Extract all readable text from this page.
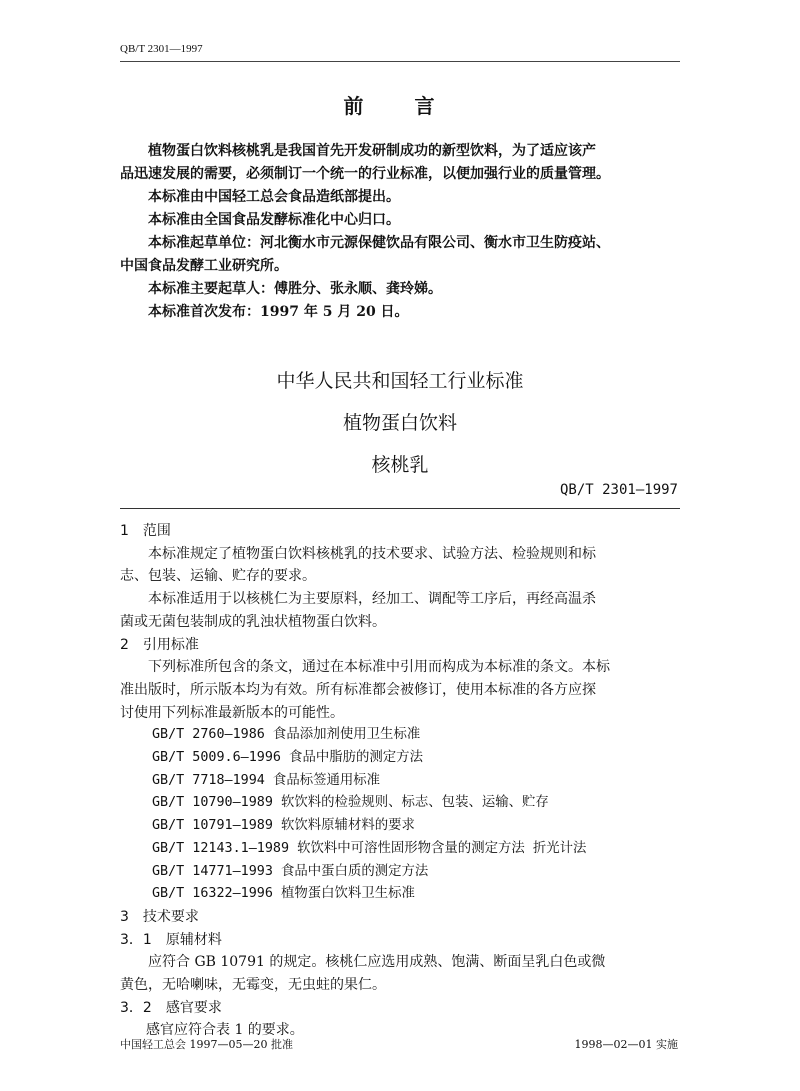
QB/T 2301—1997
前 言

植物蛋白饮料核桃乳是我国首先开发研制成功的新型饮料，为了适应该产

品迅速发展的需要，必须制订一个统一的行业标准，以便加强行业的质量管理。

本标准由中国轻工总会食品造纸部提出。

本标准由全国食品发酵标准化中心归口。

本标准起草单位：河北衡水市元源保健饮品有限公司、衡水市卫生防疫站、

中国食品发酵工业研究所。

本标准主要起草人：傅胜分、张永顺、龚玲娣。

本标准首次发布：1997 年 5 月 20 日。

中华人民共和国轻工行业标准
植物蛋白饮料
核桃乳
QB/T 2301—1997

1　范围

本标准规定了植物蛋白饮料核桃乳的技术要求、试验方法、检验规则和标

志、包装、运输、贮存的要求。

本标准适用于以核桃仁为主要原料，经加工、调配等工序后，再经高温杀

菌或无菌包装制成的乳浊状植物蛋白饮料。

2　引用标准

下列标准所包含的条文，通过在本标准中引用而构成为本标准的条文。本标

准出版时，所示版本均为有效。所有标准都会被修订，使用本标准的各方应探

讨使用下列标准最新版本的可能性。

GB/T 2760—1986 食品添加剂使用卫生标准

GB/T 5009.6—1996 食品中脂肪的测定方法

GB/T 7718—1994 食品标签通用标准

GB/T 10790—1989 软饮料的检验规则、标志、包装、运输、贮存

GB/T 10791—1989 软饮料原辅材料的要求

GB/T 12143.1—1989 软饮料中可溶性固形物含量的测定方法 折光计法

GB/T 14771—1993 食品中蛋白质的测定方法

GB/T 16322—1996 植物蛋白饮料卫生标准

3　技术要求

3．1　原辅材料

应符合 GB 10791 的规定。核桃仁应选用成熟、饱满、断面呈乳白色或微

黄色，无哈喇味，无霉变，无虫蛀的果仁。

3．2　感官要求

感官应符合表 1 的要求。

中国轻工总会 1997—05—20 批准	1998—02—01 实施
